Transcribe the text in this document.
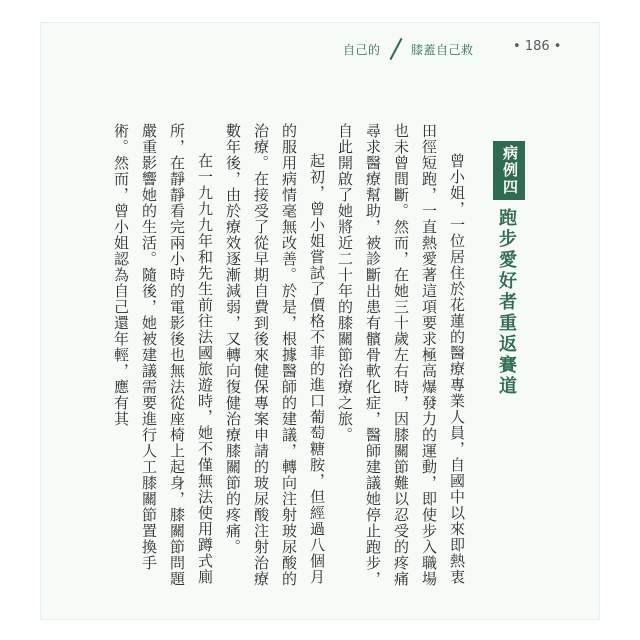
自己的	膝蓋自己救	• 186 •
病例四
跑步愛好者重返賽道

曾小姐，一位居住於花蓮的醫療專業人員，自國中以來即熱衷田徑短跑，一直熱愛著這項要求極高爆發力的運動，即使步入職場也未曾間斷。然而，在她三十歲左右時，因膝關節難以忍受的疼痛尋求醫療幫助，被診斷出患有髕骨軟化症，醫師建議她停止跑步，自此開啟了她將近二十年的膝關節治療之旅。

起初，曾小姐嘗試了價格不菲的進口葡萄糖胺，但經過八個月的服用病情毫無改善。於是，根據醫師的建議，轉向注射玻尿酸的治療。在接受了從早期自費到後來健保專案申請的玻尿酸注射治療數年後，由於療效逐漸減弱，又轉向復健治療膝關節的疼痛。

在一九九九年和先生前往法國旅遊時，她不僅無法使用蹲式廁所，在靜靜看完兩小時的電影後也無法從座椅上起身，膝關節問題嚴重影響她的生活。隨後，她被建議需要進行人工膝關節置換手術。然而，曾小姐認為自己還年輕，應有其
